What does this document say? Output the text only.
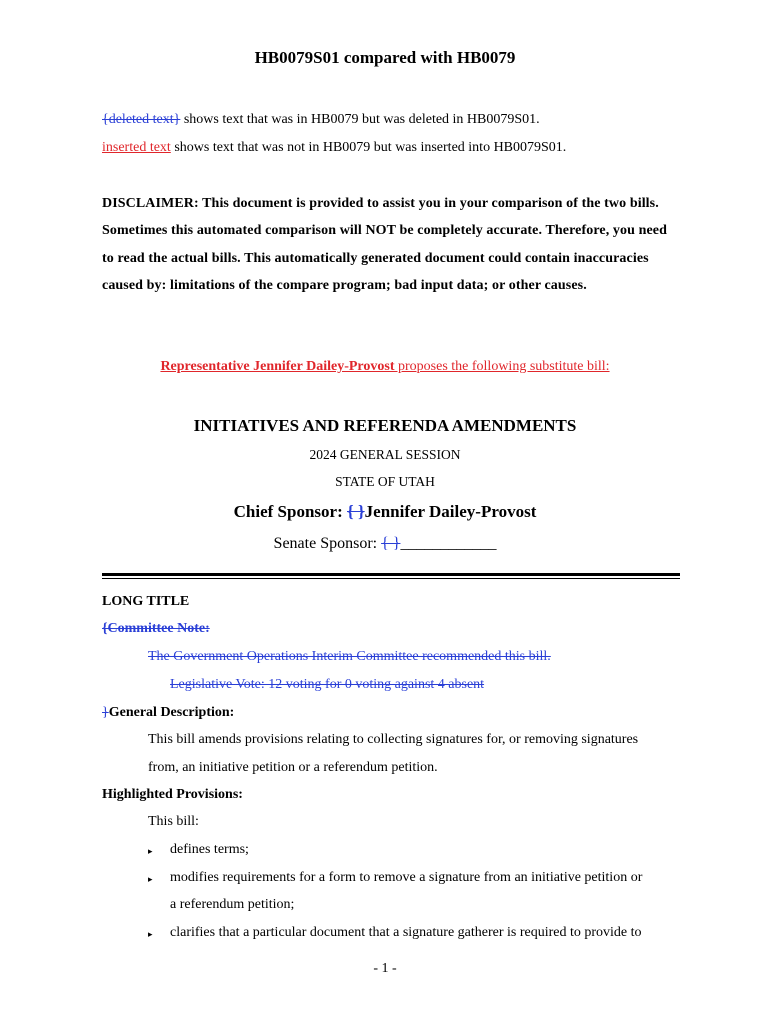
HB0079S01 compared with HB0079
{deleted text} shows text that was in HB0079 but was deleted in HB0079S01.
inserted text shows text that was not in HB0079 but was inserted into HB0079S01.
DISCLAIMER: This document is provided to assist you in your comparison of the two bills. Sometimes this automated comparison will NOT be completely accurate. Therefore, you need to read the actual bills. This automatically generated document could contain inaccuracies caused by: limitations of the compare program; bad input data; or other causes.
Representative Jennifer Dailey-Provost proposes the following substitute bill:
INITIATIVES AND REFERENDA AMENDMENTS
2024 GENERAL SESSION
STATE OF UTAH
Chief Sponsor: { }Jennifer Dailey-Provost
Senate Sponsor: { }____________
LONG TITLE
{Committee Note:
The Government Operations Interim Committee recommended this bill.
Legislative Vote: 12 voting for 0 voting against 4 absent
}General Description:
This bill amends provisions relating to collecting signatures for, or removing signatures
from, an initiative petition or a referendum petition.
Highlighted Provisions:
This bill:
▸ defines terms;
▸ modifies requirements for a form to remove a signature from an initiative petition or
a referendum petition;
▸ clarifies that a particular document that a signature gatherer is required to provide to
- 1 -
